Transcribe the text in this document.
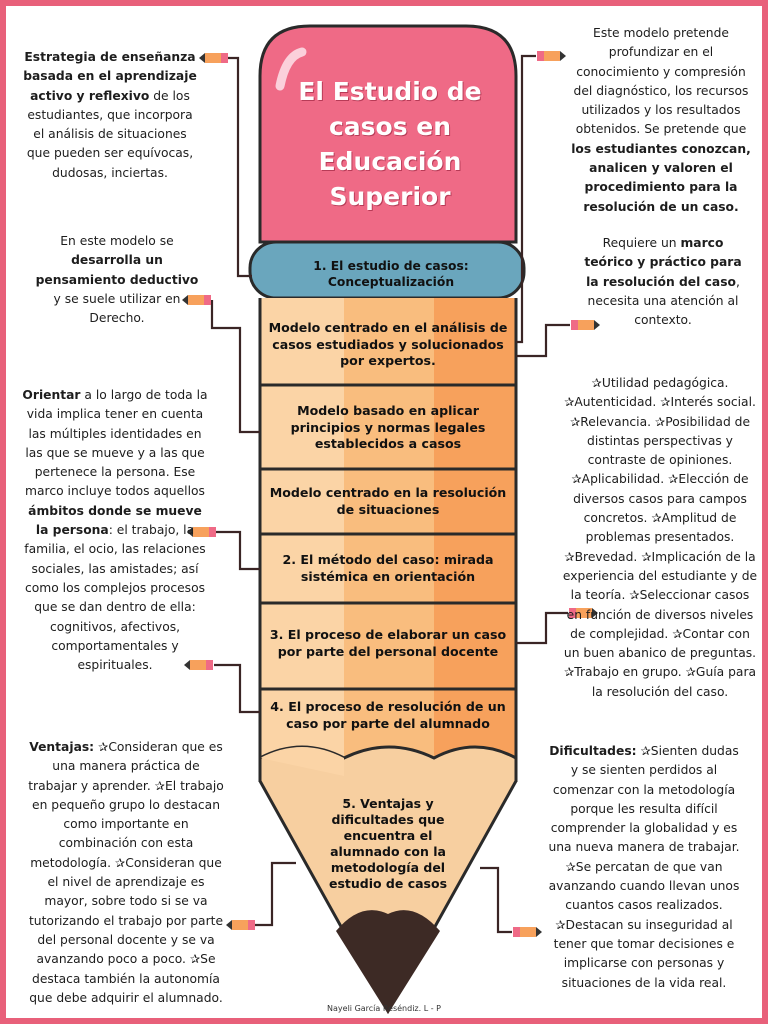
El Estudio de casos en Educación Superior
1. El estudio de casos: Conceptualización
Modelo centrado en el análisis de casos estudiados y solucionados por expertos.
Modelo basado en aplicar principios y normas legales establecidos a casos
Modelo centrado en la resolución de situaciones
2. El método del caso: mirada sistémica en orientación
3. El proceso de elaborar un caso por parte del personal docente
4. El proceso de resolución de un caso por parte del alumnado
5. Ventajas y dificultades que encuentra el alumnado con la metodología del estudio de casos
Estrategia de enseñanza basada en el aprendizaje activo y reflexivo de los estudiantes, que incorpora el análisis de situaciones que pueden ser equívocas, dudosas, inciertas.
En este modelo se desarrolla un pensamiento deductivo y se suele utilizar en Derecho.
Orientar a lo largo de toda la vida implica tener en cuenta las múltiples identidades en las que se mueve y a las que pertenece la persona. Ese marco incluye todos aquellos ámbitos donde se mueve la persona: el trabajo, la familia, el ocio, las relaciones sociales, las amistades; así como los complejos procesos que se dan dentro de ella: cognitivos, afectivos, comportamentales y espirituales.
Ventajas: ✰Consideran que es una manera práctica de trabajar y aprender. ✰El trabajo en pequeño grupo lo destacan como importante en combinación con esta metodología. ✰Consideran que el nivel de aprendizaje es mayor, sobre todo si se va tutorizando el trabajo por parte del personal docente y se va avanzando poco a poco. ✰Se destaca también la autonomía que debe adquirir el alumnado.
Este modelo pretende profundizar en el conocimiento y compresión del diagnóstico, los recursos utilizados y los resultados obtenidos. Se pretende que los estudiantes conozcan, analicen y valoren el procedimiento para la resolución de un caso.
Requiere un marco teórico y práctico para la resolución del caso, necesita una atención al contexto.
✰Utilidad pedagógica. ✰Autenticidad. ✰Interés social. ✰Relevancia. ✰Posibilidad de distintas perspectivas y contraste de opiniones. ✰Aplicabilidad. ✰Elección de diversos casos para campos concretos. ✰Amplitud de problemas presentados. ✰Brevedad. ✰Implicación de la experiencia del estudiante y de la teoría. ✰Seleccionar casos en función de diversos niveles de complejidad. ✰Contar con un buen abanico de preguntas. ✰Trabajo en grupo. ✰Guía para la resolución del caso.
Dificultades: ✰Sienten dudas y se sienten perdidos al comenzar con la metodología porque les resulta difícil comprender la globalidad y es una nueva manera de trabajar. ✰Se percatan de que van avanzando cuando llevan unos cuantos casos realizados. ✰Destacan su inseguridad al tener que tomar decisiones e implicarse con personas y situaciones de la vida real.
Nayeli García Reséndiz. L - P
